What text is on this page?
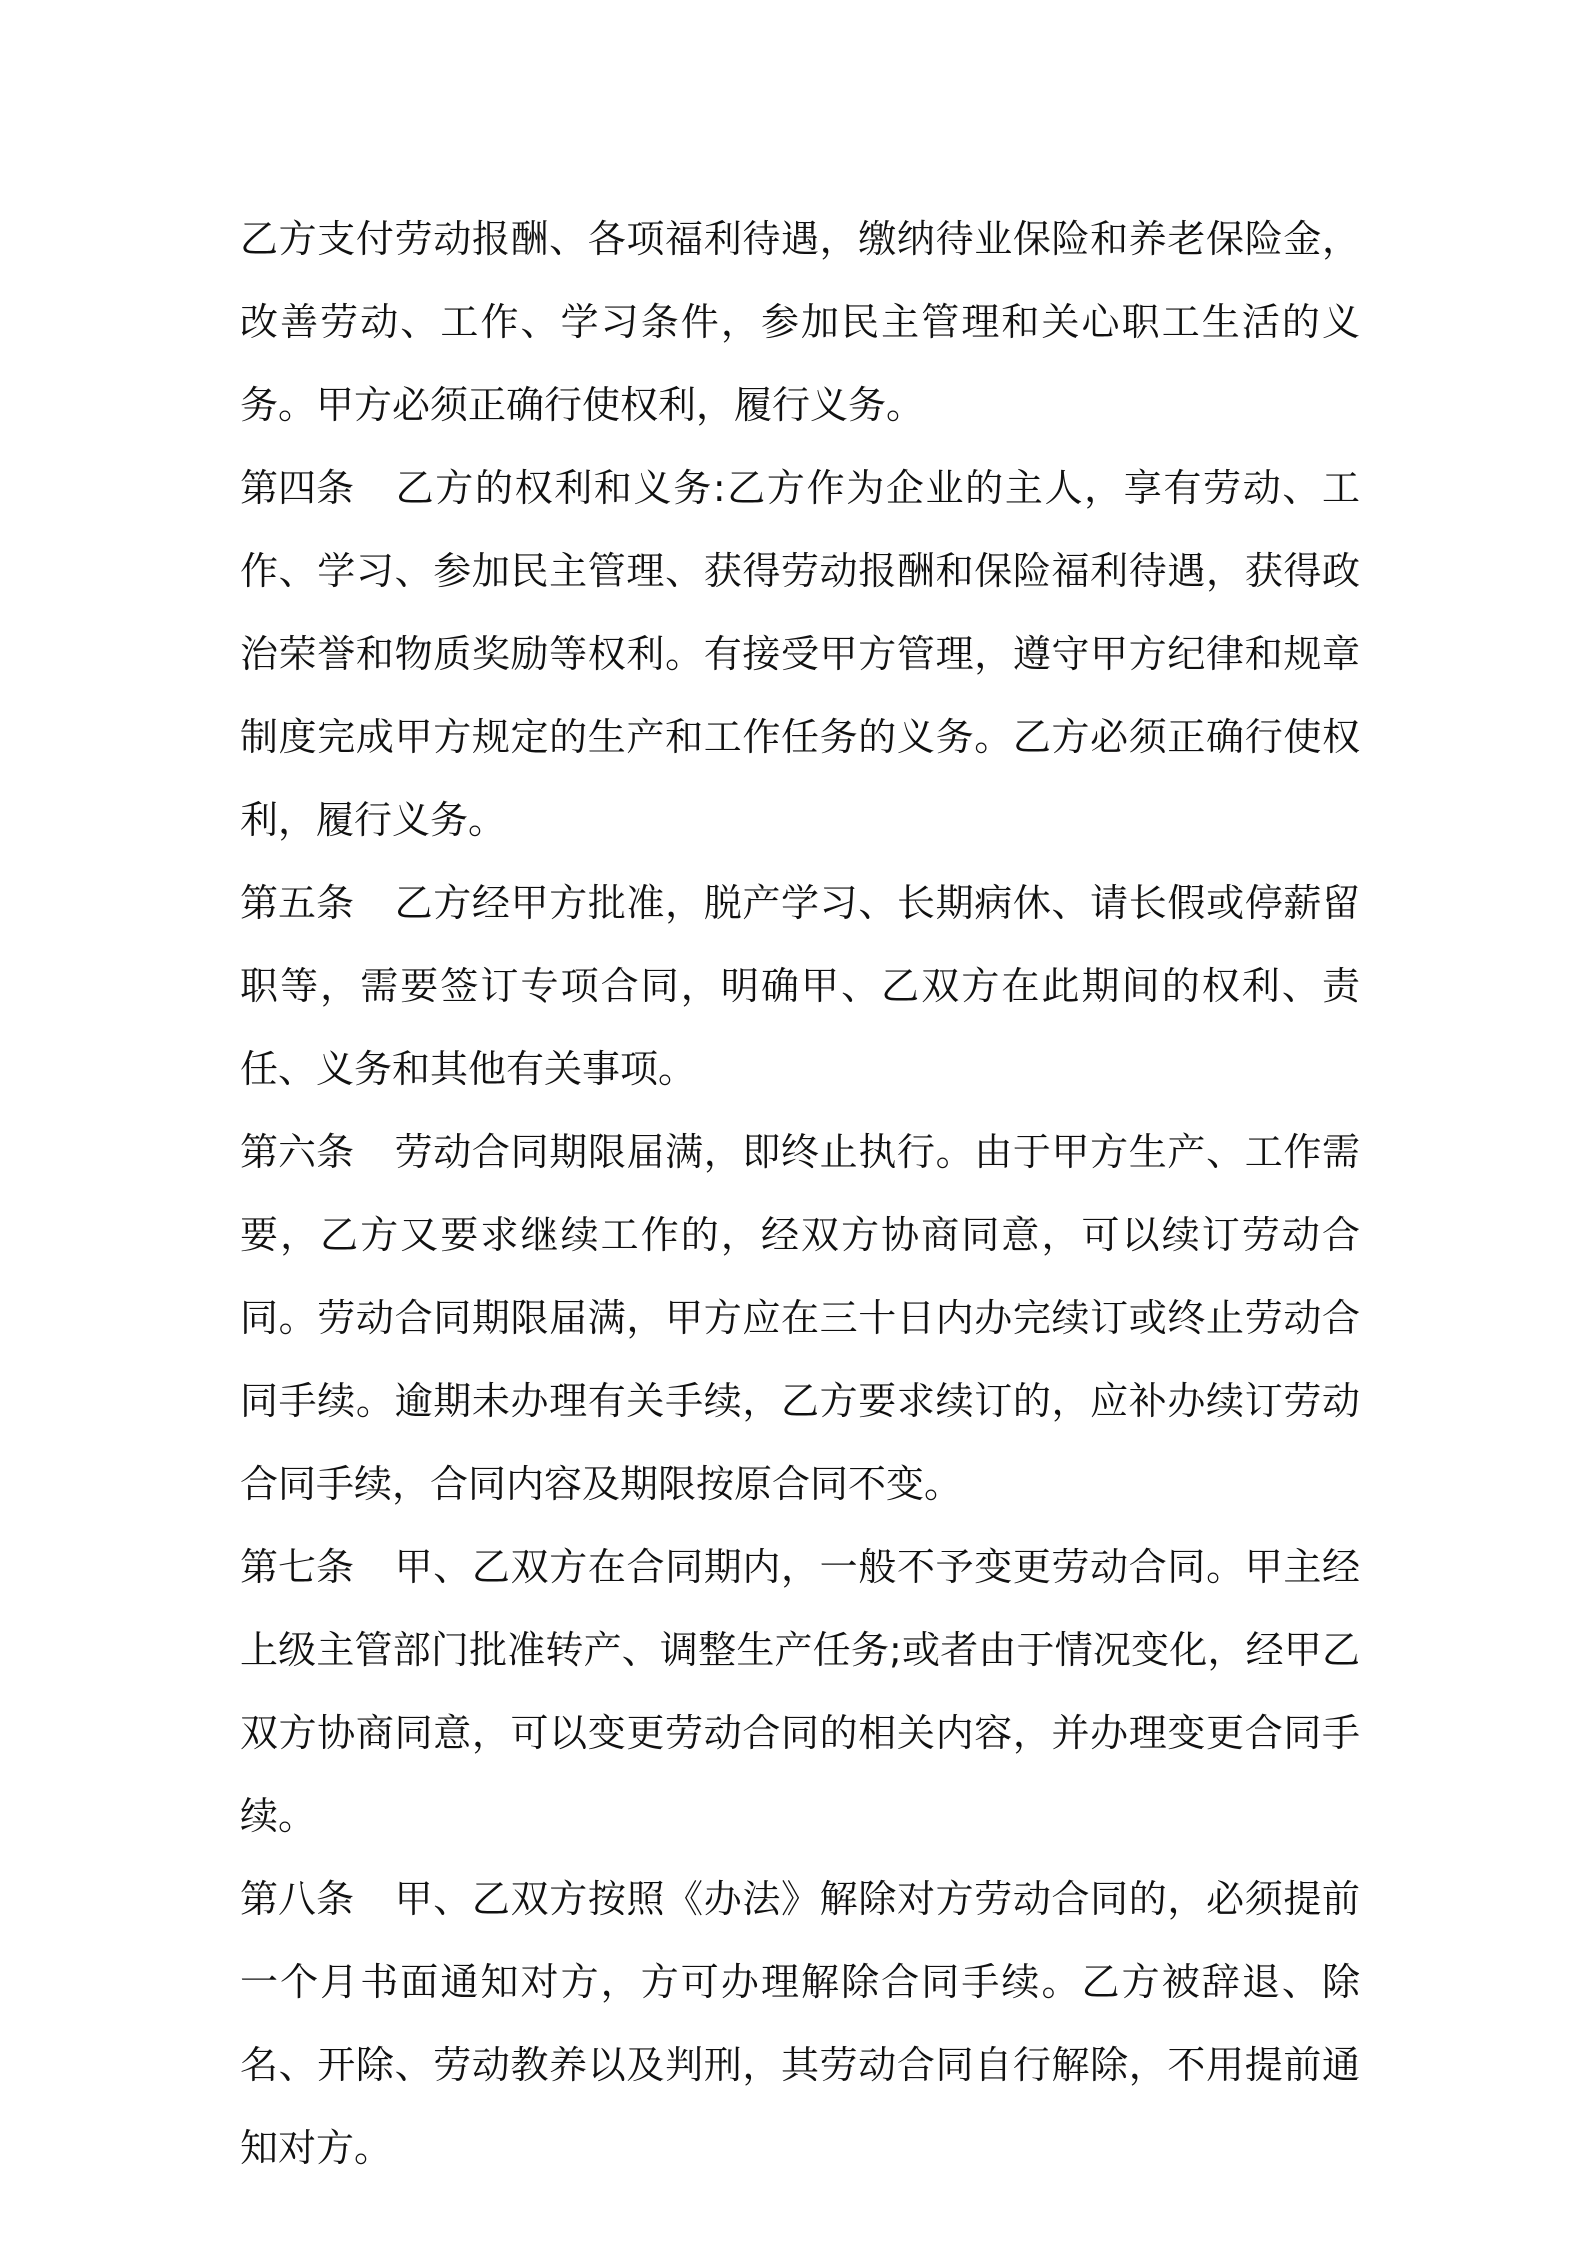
乙方支付劳动报酬、各项福利待遇，缴纳待业保险和养老保险金，改善劳动、工作、学习条件，参加民主管理和关心职工生活的义务。甲方必须正确行使权利，履行义务。

第四条 乙方的权利和义务:乙方作为企业的主人，享有劳动、工作、学习、参加民主管理、获得劳动报酬和保险福利待遇，获得政治荣誉和物质奖励等权利。有接受甲方管理，遵守甲方纪律和规章制度完成甲方规定的生产和工作任务的义务。乙方必须正确行使权利，履行义务。

第五条 乙方经甲方批准，脱产学习、长期病休、请长假或停薪留职等，需要签订专项合同，明确甲、乙双方在此期间的权利、责任、义务和其他有关事项。

第六条 劳动合同期限届满，即终止执行。由于甲方生产、工作需要，乙方又要求继续工作的，经双方协商同意，可以续订劳动合同。劳动合同期限届满，甲方应在三十日内办完续订或终止劳动合同手续。逾期未办理有关手续，乙方要求续订的，应补办续订劳动合同手续，合同内容及期限按原合同不变。

第七条 甲、乙双方在合同期内，一般不予变更劳动合同。甲主经上级主管部门批准转产、调整生产任务;或者由于情况变化，经甲乙双方协商同意，可以变更劳动合同的相关内容，并办理变更合同手续。

第八条 甲、乙双方按照《办法》解除对方劳动合同的，必须提前一个月书面通知对方，方可办理解除合同手续。乙方被辞退、除名、开除、劳动教养以及判刑，其劳动合同自行解除，不用提前通知对方。
